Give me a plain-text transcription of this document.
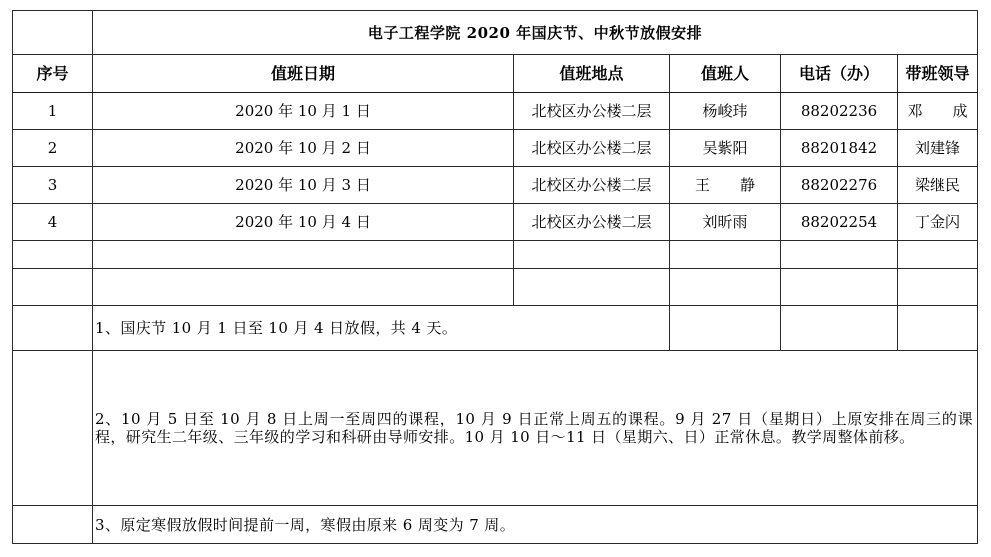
	电子工程学院 2020 年国庆节、中秋节放假安排				
序号	值班日期	值班地点	值班人	电话（办）	带班领导
1	2020 年 10 月 1 日	北校区办公楼二层	杨峻玮	88202236	邓　　成
2	2020 年 10 月 2 日	北校区办公楼二层	吴紫阳	88201842	刘建锋
3	2020 年 10 月 3 日	北校区办公楼二层	王　　静	88202276	梁继民
4	2020 年 10 月 4 日	北校区办公楼二层	刘昕雨	88202254	丁金闪

	1、国庆节 10 月 1 日至 10 月 4 日放假，共 4 天。				
	2、10 月 5 日至 10 月 8 日上周一至周四的课程，10 月 9 日正常上周五的课程。9 月 27 日（星期日）上原安排在周三的课程，研究生二年级、三年级的学习和科研由导师安排。10 月 10 日～11 日（星期六、日）正常休息。教学周整体前移。				
	3、原定寒假放假时间提前一周，寒假由原来 6 周变为 7 周。				
